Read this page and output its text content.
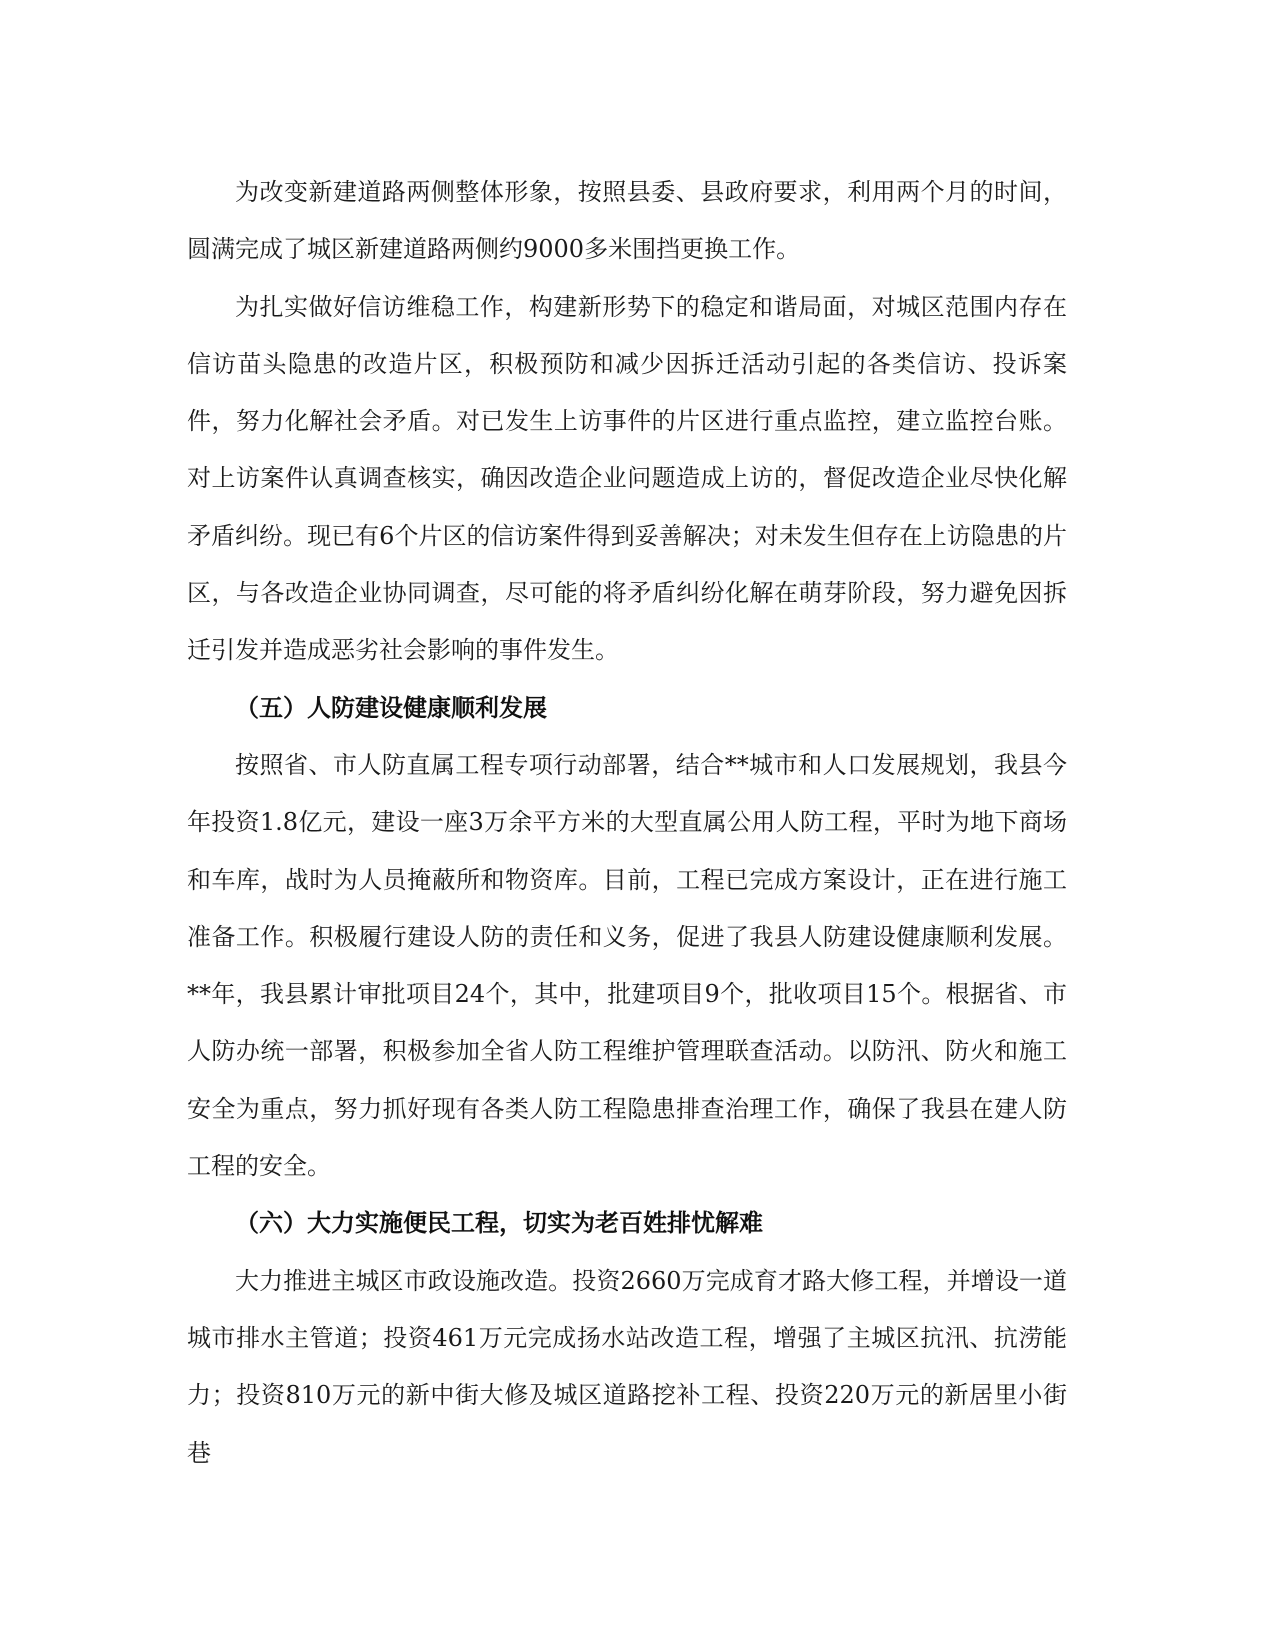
为改变新建道路两侧整体形象，按照县委、县政府要求，利用两个月的时间，圆满完成了城区新建道路两侧约9000多米围挡更换工作。

为扎实做好信访维稳工作，构建新形势下的稳定和谐局面，对城区范围内存在信访苗头隐患的改造片区，积极预防和减少因拆迁活动引起的各类信访、投诉案件，努力化解社会矛盾。对已发生上访事件的片区进行重点监控，建立监控台账。对上访案件认真调查核实，确因改造企业问题造成上访的，督促改造企业尽快化解矛盾纠纷。现已有6个片区的信访案件得到妥善解决；对未发生但存在上访隐患的片区，与各改造企业协同调查，尽可能的将矛盾纠纷化解在萌芽阶段，努力避免因拆迁引发并造成恶劣社会影响的事件发生。

（五）人防建设健康顺利发展

按照省、市人防直属工程专项行动部署，结合**城市和人口发展规划，我县今年投资1.8亿元，建设一座3万余平方米的大型直属公用人防工程，平时为地下商场和车库，战时为人员掩蔽所和物资库。目前，工程已完成方案设计，正在进行施工准备工作。积极履行建设人防的责任和义务，促进了我县人防建设健康顺利发展。**年，我县累计审批项目24个，其中，批建项目9个，批收项目15个。根据省、市人防办统一部署，积极参加全省人防工程维护管理联查活动。以防汛、防火和施工安全为重点，努力抓好现有各类人防工程隐患排查治理工作，确保了我县在建人防工程的安全。

（六）大力实施便民工程，切实为老百姓排忧解难

大力推进主城区市政设施改造。投资2660万完成育才路大修工程，并增设一道城市排水主管道；投资461万元完成扬水站改造工程，增强了主城区抗汛、抗涝能力；投资810万元的新中街大修及城区道路挖补工程、投资220万元的新居里小街巷
